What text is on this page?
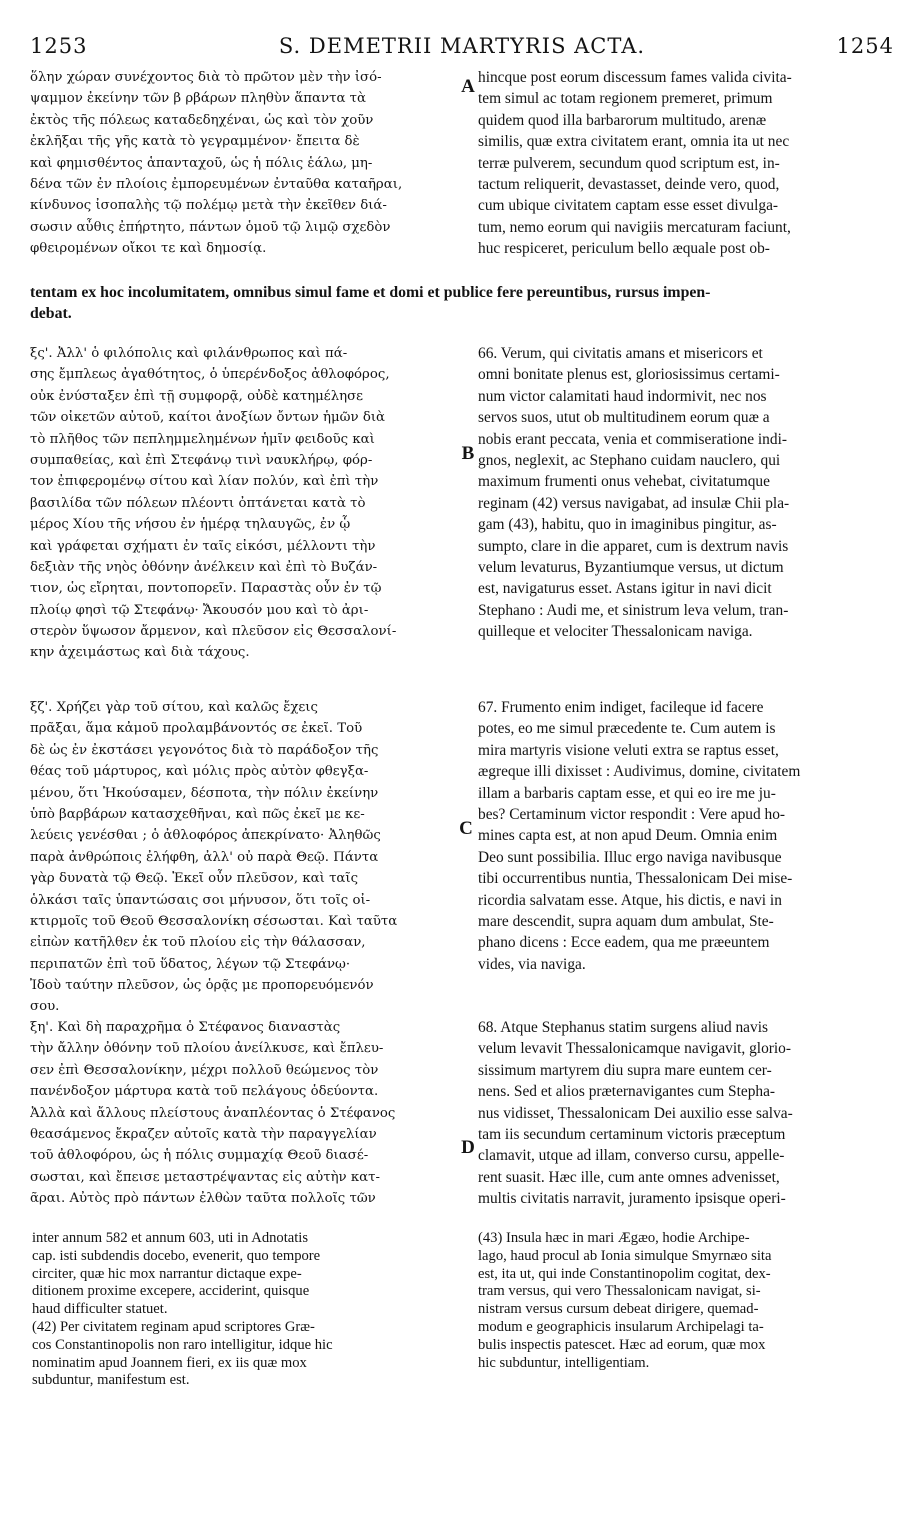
1253	S. DEMETRII MARTYRIS ACTA.	1254
A
B
C
D
ὅλην χώραν συνέχοντος διὰ τὸ πρῶτον μὲν τὴν ἰσό-
ψαμμον ἐκείνην τῶν β ρβάρων πληθὺν ἅπαντα τὰ
ἐκτὸς τῆς πόλεως καταδεδηχέναι, ὡς καὶ τὸν χοῦν
ἐκλῆξαι τῆς γῆς κατὰ τὸ γεγραμμένον· ἔπειτα δὲ
καὶ φημισθέντος ἁπανταχοῦ, ὡς ἡ πόλις ἑάλω, μη-
δένα τῶν ἐν πλοίοις ἐμπορευμένων ἐνταῦθα καταῆραι,
κίνδυνος ἰσοπαλὴς τῷ πολέμῳ μετὰ τὴν ἐκεῖθεν διά-
σωσιν αὖθις ἐπήρτητο, πάντων ὁμοῦ τῷ λιμῷ σχεδὸν
φθειρομένων οἴκοι τε καὶ δημοσίᾳ.
hincque post eorum discessum fames valida civita-
tem simul ac totam regionem premeret, primum
quidem quod illa barbarorum multitudo, arenæ
similis, quæ extra civitatem erant, omnia ita ut nec
terræ pulverem, secundum quod scriptum est, in-
tactum reliquerit, devastasset, deinde vero, quod,
cum ubique civitatem captam esse esset divulga-
tum, nemo eorum qui navigiis mercaturam faciunt,
huc respiceret, periculum bello æquale post ob-
tentam ex hoc incolumitatem, omnibus simul fame et domi et publice fere pereuntibus, rursus impen-
debat.
ξς'. Ἀλλ' ὁ φιλόπολις καὶ φιλάνθρωπος καὶ πά-
σης ἔμπλεως ἀγαθότητος, ὁ ὑπερένδοξος ἀθλοφόρος,
οὐκ ἐνύσταξεν ἐπὶ τῇ συμφορᾷ, οὐδὲ κατημέλησε
τῶν οἰκετῶν αὐτοῦ, καίτοι ἀνοξίων ὄντων ἡμῶν διὰ
τὸ πλῆθος τῶν πεπλημμελημένων ἡμῖν φειδοῦς καὶ
συμπαθείας, καὶ ἐπὶ Στεφάνῳ τινὶ ναυκλήρῳ, φόρ-
τον ἐπιφερομένῳ σίτου καὶ λίαν πολύν, καὶ ἐπὶ τὴν
βασιλίδα τῶν πόλεων πλέοντι ὀπτάνεται κατὰ τὸ
μέρος Χίου τῆς νήσου ἐν ἡμέρᾳ τηλαυγῶς, ἐν ᾧ
καὶ γράφεται σχήματι ἐν ταῖς εἰκόσι, μέλλοντι τὴν
δεξιὰν τῆς νηὸς ὀθόνην ἀνέλκειν καὶ ἐπὶ τὸ Βυζάν-
τιον, ὡς εἴρηται, ποντοπορεῖν. Παραστὰς οὖν ἐν τῷ
πλοίῳ φησὶ τῷ Στεφάνῳ· Ἄκουσόν μου καὶ τὸ ἀρι-
στερὸν ὕψωσον ἄρμενον, καὶ πλεῦσον εἰς Θεσσαλονί-
κην ἀχειμάστως καὶ διὰ τάχους.
66. Verum, qui civitatis amans et misericors et
omni bonitate plenus est, gloriosissimus certami-
num victor calamitati haud indormivit, nec nos
servos suos, utut ob multitudinem eorum quæ a
nobis erant peccata, venia et commiseratione indi-
gnos, neglexit, ac Stephano cuidam nauclero, qui
maximum frumenti onus vehebat, civitatumque
reginam (42) versus navigabat, ad insulæ Chii pla-
gam (43), habitu, quo in imaginibus pingitur, as-
sumpto, clare in die apparet, cum is dextrum navis
velum levaturus, Byzantiumque versus, ut dictum
est, navigaturus esset. Astans igitur in navi dicit
Stephano : Audi me, et sinistrum leva velum, tran-
quilleque et velociter Thessalonicam naviga.
ξζ'. Χρήζει γὰρ τοῦ σίτου, καὶ καλῶς ἔχεις
πρᾶξαι, ἅμα κἀμοῦ προλαμβάνοντός σε ἐκεῖ. Τοῦ
δὲ ὡς ἐν ἐκστάσει γεγονότος διὰ τὸ παράδοξον τῆς
θέας τοῦ μάρτυρος, καὶ μόλις πρὸς αὐτὸν φθεγξα-
μένου, ὅτι Ἠκούσαμεν, δέσποτα, τὴν πόλιν ἐκείνην
ὑπὸ βαρβάρων κατασχεθῆναι, καὶ πῶς ἐκεῖ με κε-
λεύεις γενέσθαι ; ὁ ἀθλοφόρος ἀπεκρίνατο· Ἀληθῶς
παρὰ ἀνθρώποις ἐλήφθη, ἀλλ' οὐ παρὰ Θεῷ. Πάντα
γὰρ δυνατὰ τῷ Θεῷ. Ἐκεῖ οὖν πλεῦσον, καὶ ταῖς
ὁλκάσι ταῖς ὑπαντώσαις σοι μήνυσον, ὅτι τοῖς οἰ-
κτιρμοῖς τοῦ Θεοῦ Θεσσαλονίκη σέσωσται. Καὶ ταῦτα
εἰπὼν κατῆλθεν ἐκ τοῦ πλοίου εἰς τὴν θάλασσαν,
περιπατῶν ἐπὶ τοῦ ὕδατος, λέγων τῷ Στεφάνῳ·
Ἰδοὺ ταύτην πλεῦσον, ὡς ὁρᾷς με προπορευόμενόν
σου.
67. Frumento enim indiget, facileque id facere
potes, eo me simul præcedente te. Cum autem is
mira martyris visione veluti extra se raptus esset,
ægreque illi dixisset : Audivimus, domine, civitatem
illam a barbaris captam esse, et qui eo ire me ju-
bes? Certaminum victor respondit : Vere apud ho-
mines capta est, at non apud Deum. Omnia enim
Deo sunt possibilia. Illuc ergo naviga navibusque
tibi occurrentibus nuntia, Thessalonicam Dei mise-
ricordia salvatam esse. Atque, his dictis, e navi in
mare descendit, supra aquam dum ambulat, Ste-
phano dicens : Ecce eadem, qua me præeuntem
vides, via naviga.
ξη'. Καὶ δὴ παραχρῆμα ὁ Στέφανος διαναστὰς
τὴν ἄλλην ὀθόνην τοῦ πλοίου ἀνείλκυσε, καὶ ἔπλευ-
σεν ἐπὶ Θεσσαλονίκην, μέχρι πολλοῦ θεώμενος τὸν
πανένδοξον μάρτυρα κατὰ τοῦ πελάγους ὁδεύοντα.
Ἀλλὰ καὶ ἄλλους πλείστους ἀναπλέοντας ὁ Στέφανος
θεασάμενος ἔκραζεν αὐτοῖς κατὰ τὴν παραγγελίαν
τοῦ ἀθλοφόρου, ὡς ἡ πόλις συμμαχίᾳ Θεοῦ διασέ-
σωσται, καὶ ἔπεισε μεταστρέψαντας εἰς αὐτὴν κατ-
ᾶραι. Αὐτὸς πρὸ πάντων ἐλθὼν ταῦτα πολλοῖς τῶν
68. Atque Stephanus statim surgens aliud navis
velum levavit Thessalonicamque navigavit, glorio-
sissimum martyrem diu supra mare euntem cer-
nens. Sed et alios præternavigantes cum Stepha-
nus vidisset, Thessalonicam Dei auxilio esse salva-
tam iis secundum certaminum victoris præceptum
clamavit, utque ad illam, converso cursu, appelle-
rent suasit. Hæc ille, cum ante omnes advenisset,
multis civitatis narravit, juramento ipsisque operi-
inter annum 582 et annum 603, uti in Adnotatis
cap. isti subdendis docebo, evenerit, quo tempore
circiter, quæ hic mox narrantur dictaque expe-
ditionem proxime excepere, acciderint, quisque
haud difficulter statuet.
(42) Per civitatem reginam apud scriptores Græ-
cos Constantinopolis non raro intelligitur, idque hic
nominatim apud Joannem fieri, ex iis quæ mox
subduntur, manifestum est.
(43) Insula hæc in mari Ægæo, hodie Archipe-
lago, haud procul ab Ionia simulque Smyrnæo sita
est, ita ut, qui inde Constantinopolim cogitat, dex-
tram versus, qui vero Thessalonicam navigat, si-
nistram versus cursum debeat dirigere, quemad-
modum e geographicis insularum Archipelagi ta-
bulis inspectis patescet. Hæc ad eorum, quæ mox
hic subduntur, intelligentiam.
